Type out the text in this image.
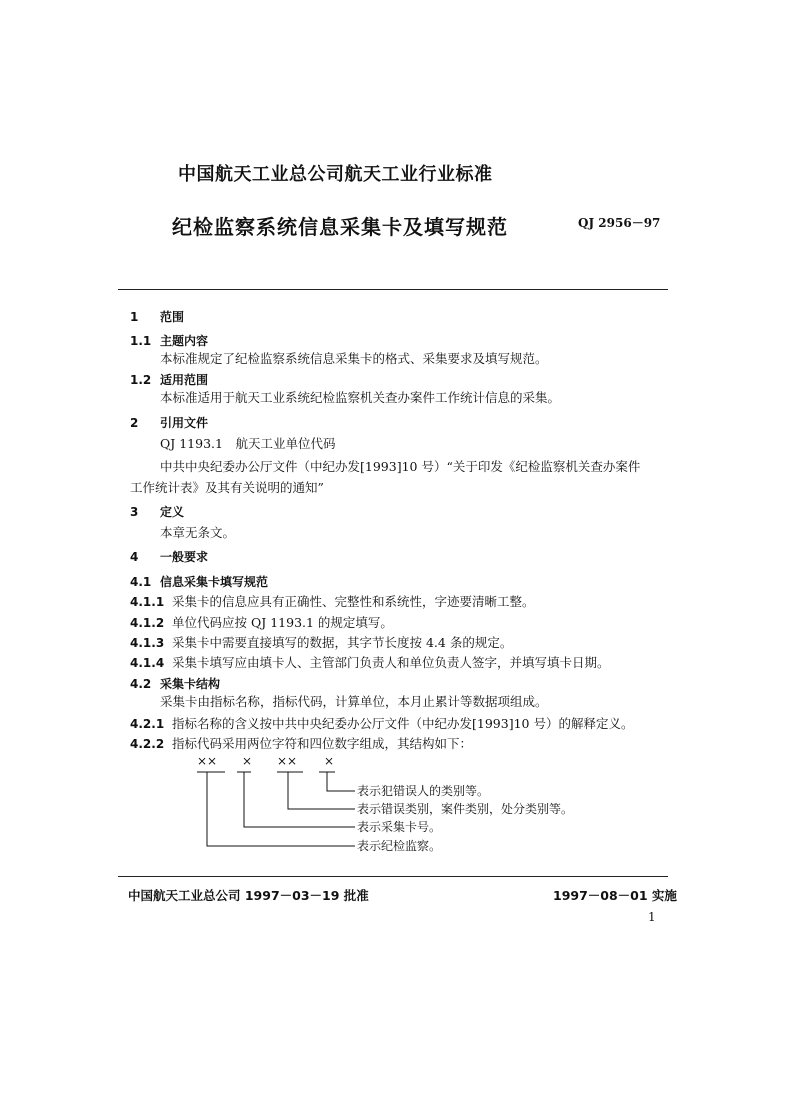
中国航天工业总公司航天工业行业标准
纪检监察系统信息采集卡及填写规范	QJ 2956－97
1 范围
1.1 主题内容
本标准规定了纪检监察系统信息采集卡的格式、采集要求及填写规范。
1.2 适用范围
本标准适用于航天工业系统纪检监察机关查办案件工作统计信息的采集。
2 引用文件
QJ 1193.1　航天工业单位代码
中共中央纪委办公厅文件（中纪办发[1993]10 号）“关于印发《纪检监察机关查办案件
工作统计表》及其有关说明的通知”
3 定义
本章无条文。
4 一般要求
4.1 信息采集卡填写规范
4.1.1 采集卡的信息应具有正确性、完整性和系统性，字迹要清晰工整。
4.1.2 单位代码应按 QJ 1193.1 的规定填写。
4.1.3 采集卡中需要直接填写的数据，其字节长度按 4.4 条的规定。
4.1.4 采集卡填写应由填卡人、主管部门负责人和单位负责人签字，并填写填卡日期。
4.2 采集卡结构
采集卡由指标名称，指标代码，计算单位，本月止累计等数据项组成。
4.2.1 指标名称的含义按中共中央纪委办公厅文件（中纪办发[1993]10 号）的解释定义。
4.2.2 指标代码采用两位字符和四位数字组成，其结构如下：
×× × ×× ×
表示犯错误人的类别等。
表示错误类别，案件类别，处分类别等。
表示采集卡号。
表示纪检监察。
中国航天工业总公司 1997－03－19 批准	1997－08－01 实施
1
